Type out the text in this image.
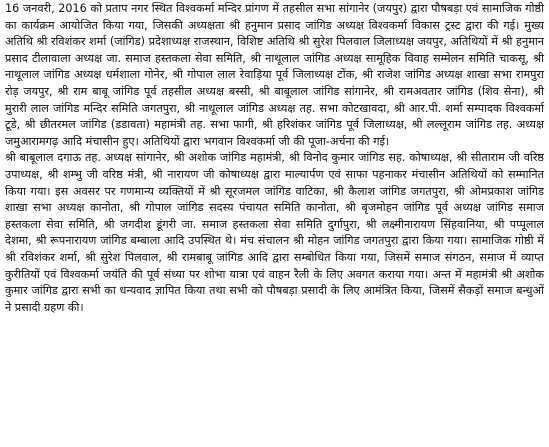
16 जनवरी, 2016 को प्रताप नगर स्थित विश्वकर्मा मन्दिर प्रांगण में तहसील सभा सांगानेर (जयपुर) द्वारा पौषबड़ा एवं सामाजिक गोष्ठी का कार्यक्रम आयोजित किया गया, जिसकी अध्यक्षता श्री हनुमान प्रसाद जांगिड अध्यक्ष विश्वकर्मा विकास ट्रस्ट द्वारा की गई। मुख्य अतिथि श्री रविशंकर शर्मा (जांगिड) प्रदेशाध्यक्ष राजस्थान, विशिष्ट अतिथि श्री सुरेश पिलवाल जिलाध्यक्ष जयपुर, अतिथियों में श्री हनुमान प्रसाद टीलावाला अध्यक्ष जा. समाज हस्तकला सेवा समिति, श्री नाथूलाल जांगिड अध्यक्ष सामूहिक विवाह सम्मेलन समिति चाकसू, श्री नाथूलाल जांगिड अध्यक्ष धर्मशाला गोनेर, श्री गोपाल लाल रेवाड़िया पूर्व जिलाध्यक्ष टोंक, श्री राजेश जांगिड अध्यक्ष शाखा सभा रामपुरा रोड़ जयपुर, श्री राम बाबू जांगिड पूर्व तहसील अध्यक्ष बस्सी, श्री बाबूलाल जांगिड सांगानेर, श्री रामअवतार जांगिड (शिव सेना), श्री मुरारी लाल जांगिड मन्दिर समिति जगतपुरा, श्री नाथूलाल जांगिड अध्यक्ष तह. सभा कोटखावदा, श्री आर.पी. शर्मा सम्पादक विश्वकर्मा टूडे, श्री छीतरमल जांगिड (डडावता) महामंत्री तह. सभा फागी, श्री हरिशंकर जांगिड पूर्व जिलाध्यक्ष, श्री लल्लूराम जांगिड तह. अध्यक्ष जमुआरामगढ़ आदि मंचासीन हुए। अतिथियों द्वारा भगवान विश्वकर्मा जी की पूजा-अर्चना की गई।

श्री बाबूलाल दगाऊ तह. अध्यक्ष सांगानेर, श्री अशोक जांगिड महामंत्री, श्री विनोद कुमार जांगिड सह. कोषाध्यक्ष, श्री सीताराम जी वरिष्ठ उपाध्यक्ष, श्री शम्भु जी वरिष्ठ मंत्री, श्री नारायण जी कोषाध्यक्ष द्वारा माल्यार्पण एवं साफा पहनाकर मंचासीन अतिथियों को सम्मानित किया गया। इस अवसर पर गणमान्य व्यक्तियों में श्री सूरजमल जांगिड वाटिका, श्री कैलाश जांगिड जगतपुरा, श्री ओमप्रकाश जांगिड शाखा सभा अध्यक्ष कानोता, श्री गोपाल जांगिड सदस्य पंचायत समिति कानोता, श्री बृजमोहन जांगिड पूर्व अध्यक्ष जांगिड समाज हस्तकला सेवा समिति, श्री जगदीश डूंगरी जा. समाज हस्तकला सेवा समिति दुर्गापुरा, श्री लक्ष्मीनारायण सिंहवानिया, श्री पप्पूलाल देशमा, श्री रूपनारायण जांगिड बम्बाला आदि उपस्थित थे। मंच संचालन श्री मोहन जांगिड जगतपुरा द्वारा किया गया। सामाजिक गोष्ठी में श्री रविशंकर शर्मा, श्री सुरेश पिलवाल, श्री रामबाबू जांगिड आदि द्वारा सम्बोधित किया गया, जिसमें समाज संगठन, समाज में व्याप्त कुरीतियों एवं विश्वकर्मा जयंति की पूर्व संध्या पर शोभा यात्रा एवं वाहन रैली के लिए अवगत कराया गया। अन्त में महामंत्री श्री अशोक कुमार जांगिड द्वारा सभी का धन्यवाद ज्ञापित किया तथा सभी को पौषबड़ा प्रसादी के लिए आमंत्रित किया, जिसमें सैकड़ों समाज बन्धुओं ने प्रसादी ग्रहण की।
